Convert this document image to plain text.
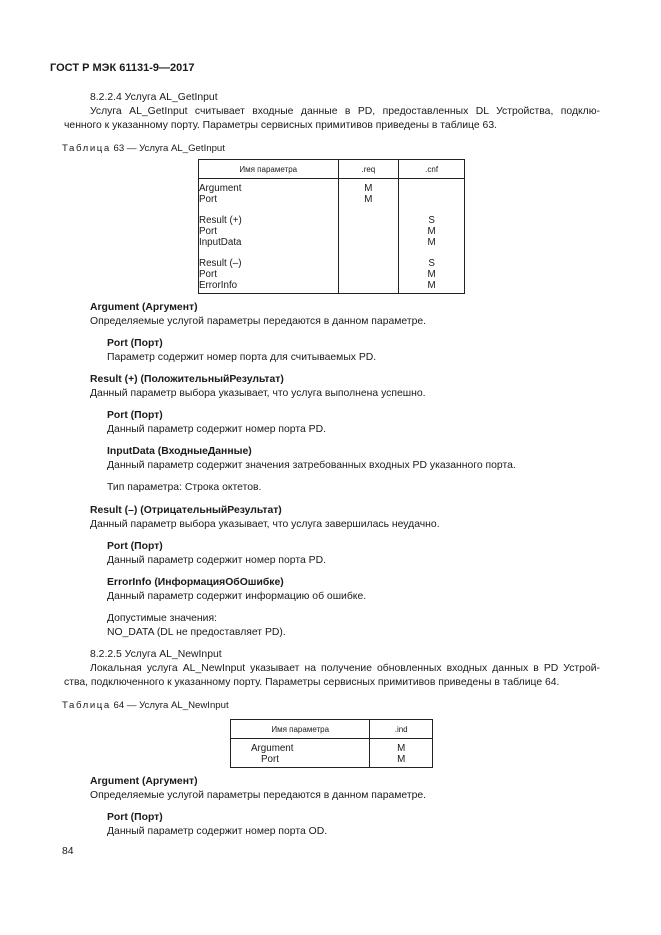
ГОСТ Р МЭК 61131-9—2017
8.2.2.4 Услуга AL_GetInput
Услуга AL_GetInput считывает входные данные в PD, предоставленных DL Устройства, подклю-
ченного к указанному порту. Параметры сервисных примитивов приведены в таблице 63.
Таблица 63 — Услуга AL_GetInput
Имя параметра	.req	.cnf
Argument	M	
Port	M	
Result (+)		S
Port		M
InputData		M
Result (–)		S
Port		M
ErrorInfo		M
Argument (Аргумент)
Определяемые услугой параметры передаются в данном параметре.
Port (Порт)
Параметр содержит номер порта для считываемых PD.
Result (+) (ПоложительныйРезультат)
Данный параметр выбора указывает, что услуга выполнена успешно.
Port (Порт)
Данный параметр содержит номер порта PD.
InputData (ВходныеДанные)
Данный параметр содержит значения затребованных входных PD указанного порта.
Тип параметра: Строка октетов.
Result (–) (ОтрицательныйРезультат)
Данный параметр выбора указывает, что услуга завершилась неудачно.
Port (Порт)
Данный параметр содержит номер порта PD.
ErrorInfo (ИнформацияОбОшибке)
Данный параметр содержит информацию об ошибке.
Допустимые значения:
NO_DATA (DL не предоставляет PD).
8.2.2.5 Услуга AL_NewInput
Локальная услуга AL_NewInput указывает на получение обновленных входных данных в PD Устрой-
ства, подключенного к указанному порту. Параметры сервисных примитивов приведены в таблице 64.
Таблица 64 — Услуга AL_NewInput
Имя параметра	.ind
Argument	M
Port	M
Argument (Аргумент)
Определяемые услугой параметры передаются в данном параметре.
Port (Порт)
Данный параметр содержит номер порта OD.
84
